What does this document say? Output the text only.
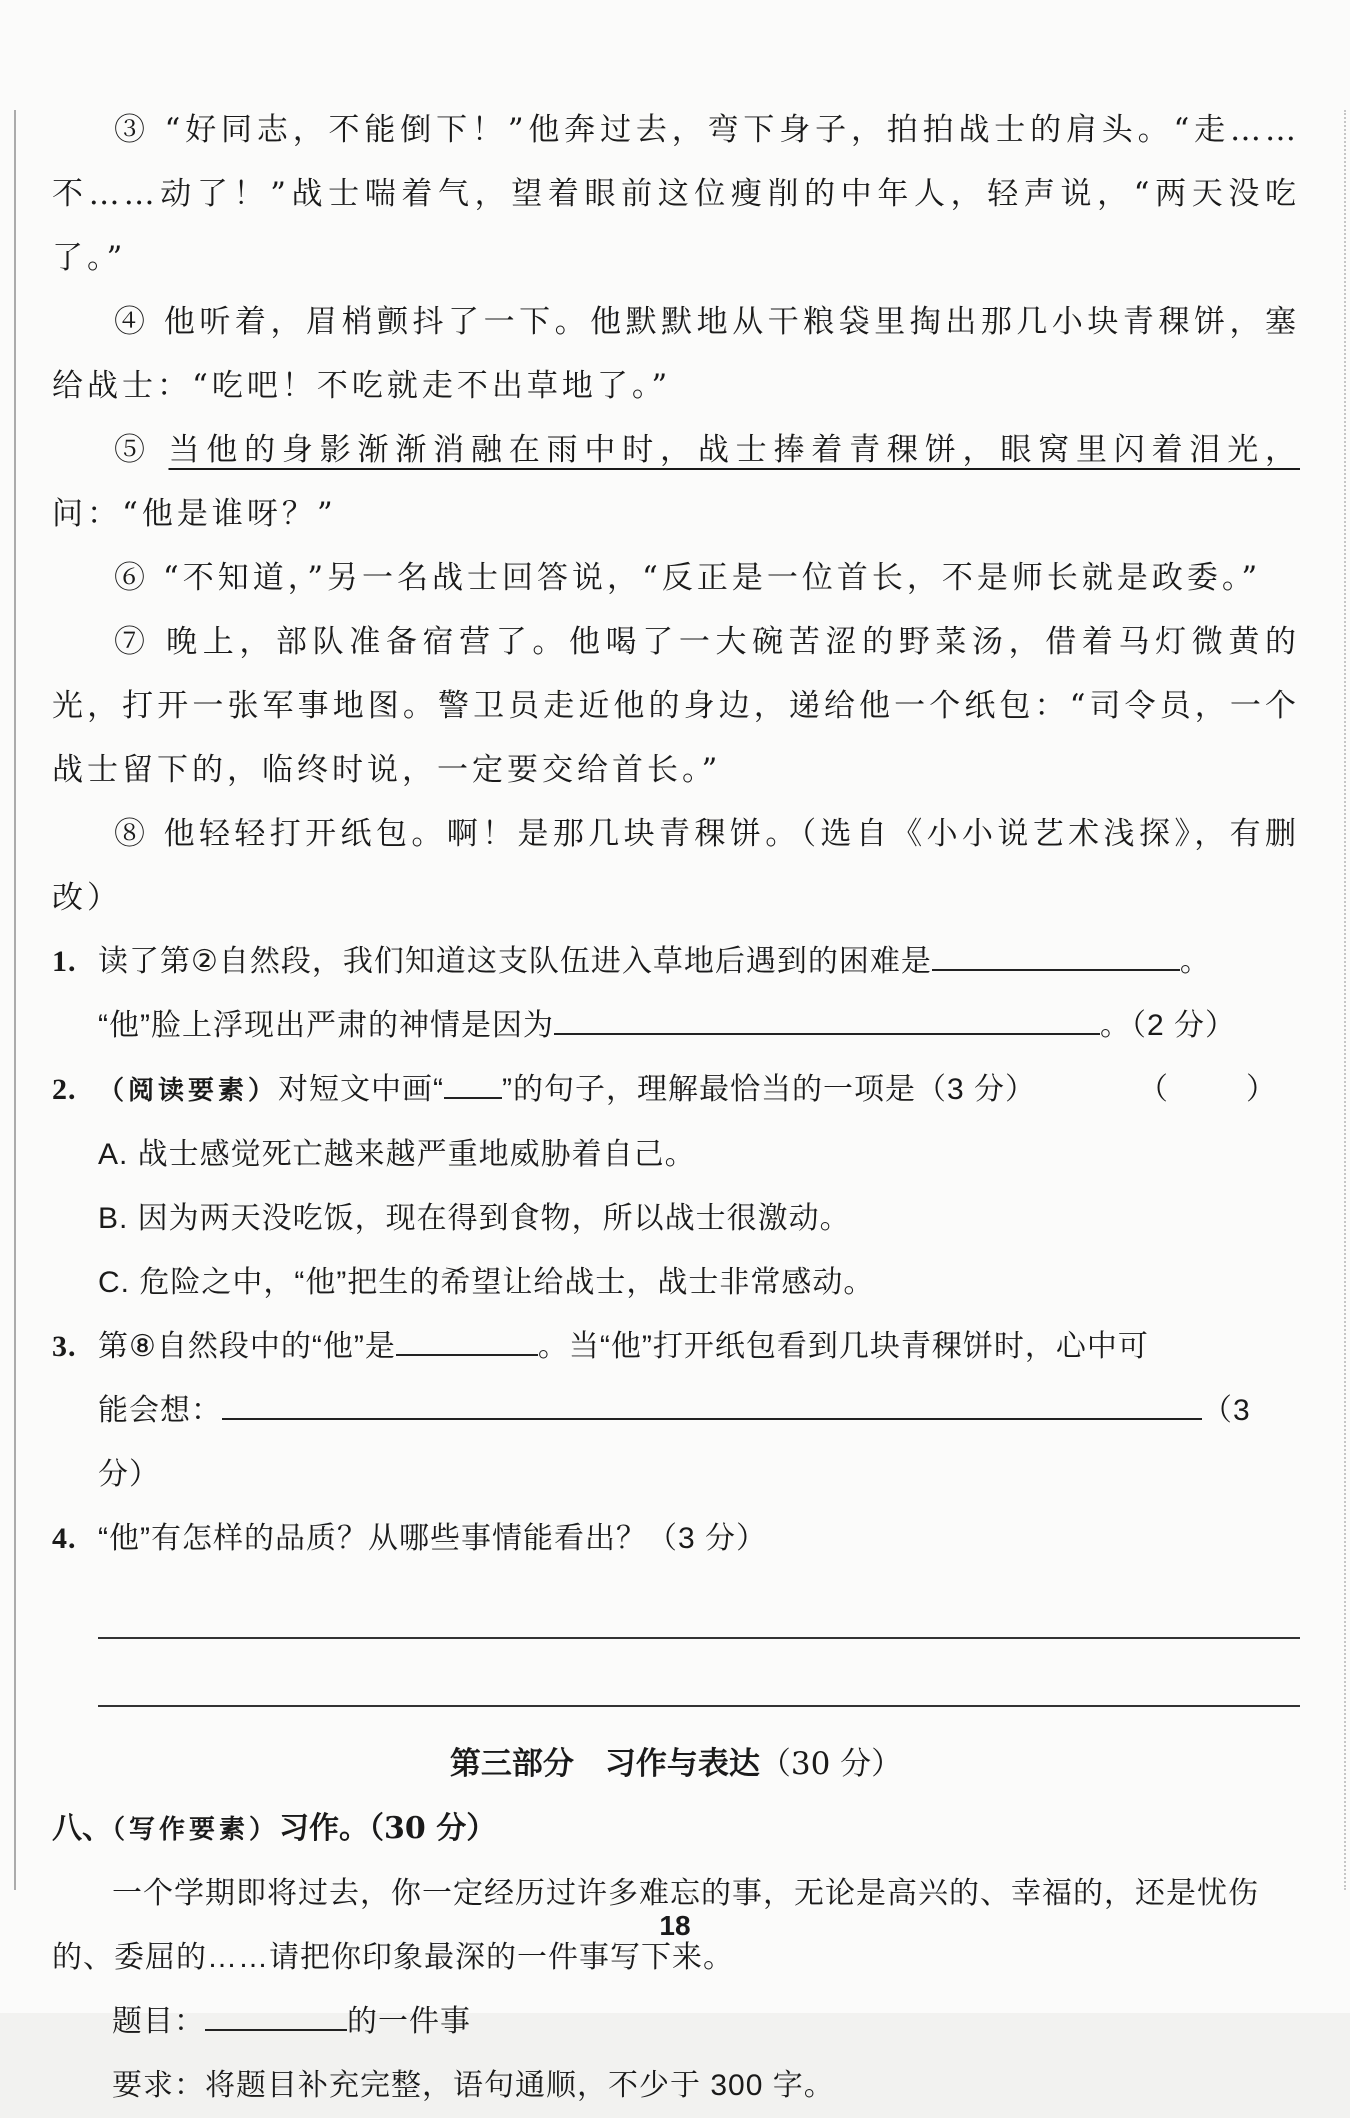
③ “好同志，不能倒下！”他奔过去，弯下身子，拍拍战士的肩头。“走……不……动了！”战士喘着气，望着眼前这位瘦削的中年人，轻声说，“两天没吃了。”

④ 他听着，眉梢颤抖了一下。他默默地从干粮袋里掏出那几小块青稞饼，塞给战士：“吃吧！不吃就走不出草地了。”

⑤ 当他的身影渐渐消融在雨中时，战士捧着青稞饼，眼窝里闪着泪光，问：“他是谁呀？”

⑥ “不知道，”另一名战士回答说，“反正是一位首长，不是师长就是政委。”

⑦ 晚上，部队准备宿营了。他喝了一大碗苦涩的野菜汤，借着马灯微黄的光，打开一张军事地图。警卫员走近他的身边，递给他一个纸包：“司令员，一个战士留下的，临终时说，一定要交给首长。”

⑧ 他轻轻打开纸包。啊！是那几块青稞饼。（选自《小小说艺术浅探》，有删改）

1. 读了第②自然段，我们知道这支队伍进入草地后遇到的困难是	。

“他”脸上浮现出严肃的神情是因为	。（2 分）

2. （阅读要素）对短文中画“ ”的句子，理解最恰当的一项是（3 分）	（　）

A. 战士感觉死亡越来越严重地威胁着自己。

B. 因为两天没吃饭，现在得到食物，所以战士很激动。

C. 危险之中，“他”把生的希望让给战士，战士非常感动。

3. 第⑧自然段中的“他”是	。当“他”打开纸包看到几块青稞饼时，心中可

能会想：	（3 分）

4. “他”有怎样的品质？从哪些事情能看出？（3 分）

第三部分　习作与表达（30 分）

八、（写作要素）习作。（30 分）

一个学期即将过去，你一定经历过许多难忘的事，无论是高兴的、幸福的，还是忧伤的、委屈的……请把你印象最深的一件事写下来。

题目：	的一件事

要求：将题目补充完整，语句通顺，不少于 300 字。

18
